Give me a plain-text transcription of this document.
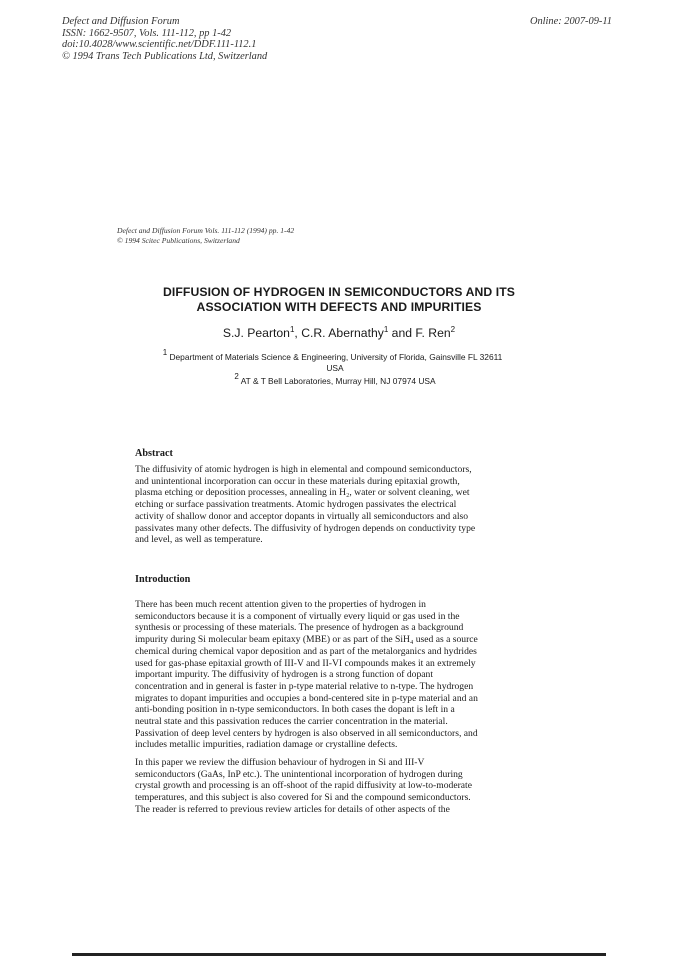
Defect and Diffusion Forum
ISSN: 1662-9507, Vols. 111-112, pp 1-42
doi:10.4028/www.scientific.net/DDF.111-112.1
© 1994 Trans Tech Publications Ltd, Switzerland
Online: 2007-09-11
Defect and Diffusion Forum Vols. 111-112 (1994) pp. 1-42
© 1994 Scitec Publications, Switzerland
DIFFUSION OF HYDROGEN IN SEMICONDUCTORS AND ITS
ASSOCIATION WITH DEFECTS AND IMPURITIES
S.J. Pearton$^1$, C.R. Abernathy$^1$ and F. Ren$^2$
$^1$ Department of Materials Science & Engineering, University of Florida, Gainsville FL 32611
USA
$^2$ AT & T Bell Laboratories, Murray Hill, NJ 07974 USA
Abstract
The diffusivity of atomic hydrogen is high in elemental and compound semiconductors,
and unintentional incorporation can occur in these materials during epitaxial growth,
plasma etching or deposition processes, annealing in H₂, water or solvent cleaning, wet
etching or surface passivation treatments. Atomic hydrogen passivates the electrical
activity of shallow donor and acceptor dopants in virtually all semiconductors and also
passivates many other defects. The diffusivity of hydrogen depends on conductivity type
and level, as well as temperature.
Introduction
There has been much recent attention given to the properties of hydrogen in
semiconductors because it is a component of virtually every liquid or gas used in the
synthesis or processing of these materials. The presence of hydrogen as a background
impurity during Si molecular beam epitaxy (MBE) or as part of the SiH₄ used as a source
chemical during chemical vapor deposition and as part of the metalorganics and hydrides
used for gas-phase epitaxial growth of III-V and II-VI compounds makes it an extremely
important impurity. The diffusivity of hydrogen is a strong function of dopant
concentration and in general is faster in p-type material relative to n-type. The hydrogen
migrates to dopant impurities and occupies a bond-centered site in p-type material and an
anti-bonding position in n-type semiconductors. In both cases the dopant is left in a
neutral state and this passivation reduces the carrier concentration in the material.
Passivation of deep level centers by hydrogen is also observed in all semiconductors, and
includes metallic impurities, radiation damage or crystalline defects.
In this paper we review the diffusion behaviour of hydrogen in Si and III-V
semiconductors (GaAs, InP etc.). The unintentional incorporation of hydrogen during
crystal growth and processing is an off-shoot of the rapid diffusivity at low-to-moderate
temperatures, and this subject is also covered for Si and the compound semiconductors.
The reader is referred to previous review articles for details of other aspects of the
